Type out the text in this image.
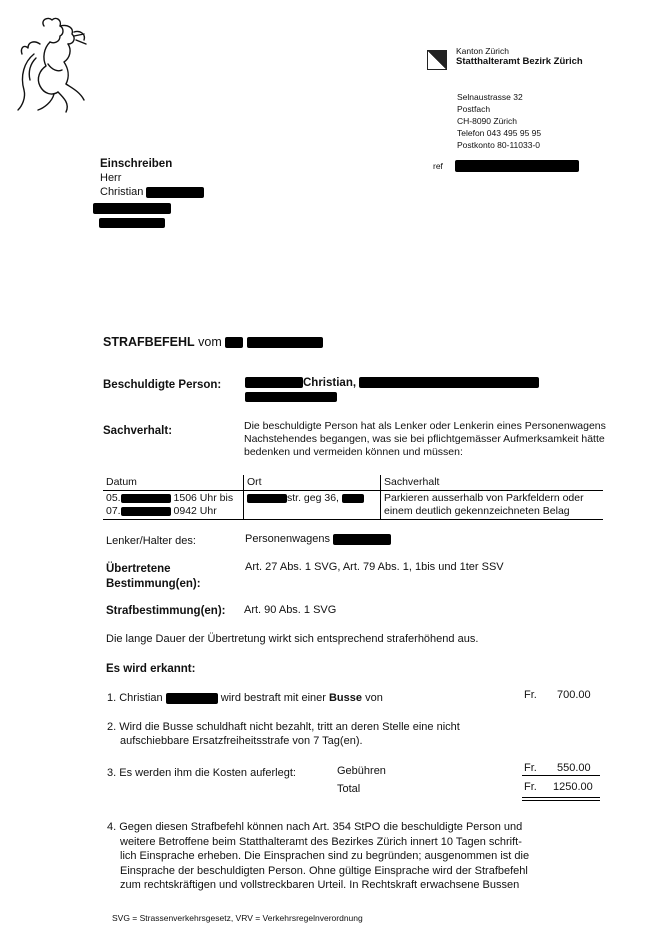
Kanton Zürich
Statthalteramt Bezirk Zürich
Selnaustrasse 32
Postfach
CH-8090 Zürich
Telefon 043 495 95 95
Postkonto 80-11033-0
ref
Einschreiben
Herr
Christian
STRAFBEFEHL vom
Beschuldigte Person:	Christian,
Sachverhalt:	Die beschuldigte Person hat als Lenker oder Lenkerin eines Personenwagens Nachstehendes begangen, was sie bei pflichtgemässer Aufmerksamkeit hätte bedenken und vermeiden können und müssen:
Datum	Ort	Sachverhalt

05. 1506 Uhr bis
07. 0942 Uhr	str. geg 36,	Parkieren ausserhalb von Parkfeldern oder einem deutlich gekennzeichneten Belag
Lenker/Halter des:	Personenwagens
Übertretene
Bestimmung(en):
Art. 27 Abs. 1 SVG, Art. 79 Abs. 1, 1bis und 1ter SSV
Strafbestimmung(en): Art. 90 Abs. 1 SVG
Die lange Dauer der Übertretung wirkt sich entsprechend straferhöhend aus.
Es wird erkannt:
1. Christian	wird bestraft mit einer Busse von	Fr. 700.00
2. Wird die Busse schuldhaft nicht bezahlt, tritt an deren Stelle eine nicht
aufschiebbare Ersatzfreiheitsstrafe von 7 Tag(en).
3. Es werden ihm die Kosten auferlegt:	Gebühren	Fr. 550.00
Total	Fr. 1250.00
4. Gegen diesen Strafbefehl können nach Art. 354 StPO die beschuldigte Person und
weitere Betroffene beim Statthalteramt des Bezirkes Zürich innert 10 Tagen schrift-
lich Einsprache erheben. Die Einsprachen sind zu begründen; ausgenommen ist die
Einsprache der beschuldigten Person. Ohne gültige Einsprache wird der Strafbefehl
zum rechtskräftigen und vollstreckbaren Urteil. In Rechtskraft erwachsene Bussen
SVG = Strassenverkehrsgesetz, VRV = Verkehrsregelnverordnung
